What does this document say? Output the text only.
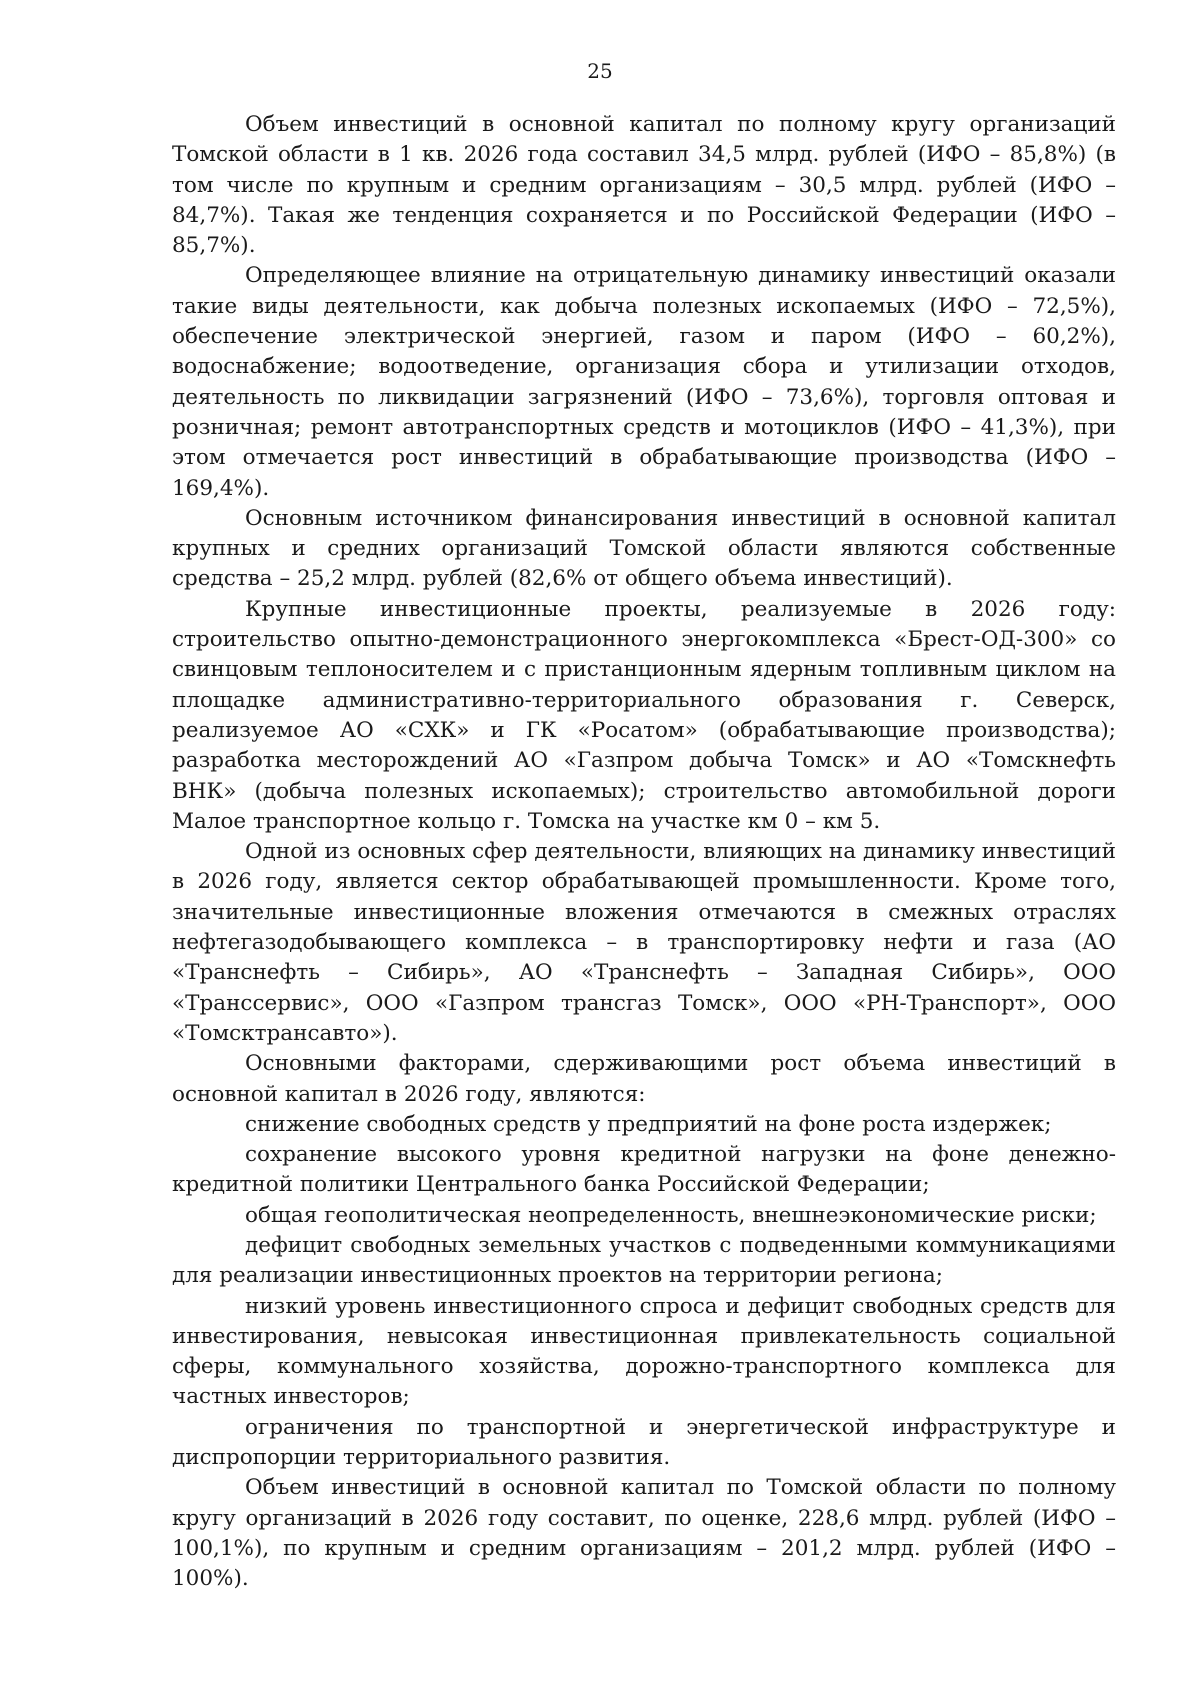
25

Объем инвестиций в основной капитал по полному кругу организаций Томской области в 1 кв. 2026 года составил 34,5 млрд. рублей (ИФО – 85,8%) (в том числе по крупным и средним организациям – 30,5 млрд. рублей (ИФО – 84,7%). Такая же тенденция сохраняется и по Российской Федерации (ИФО – 85,7%).

Определяющее влияние на отрицательную динамику инвестиций оказали такие виды деятельности, как добыча полезных ископаемых (ИФО – 72,5%), обеспечение электрической энергией, газом и паром (ИФО – 60,2%), водоснабжение; водоотведение, организация сбора и утилизации отходов, деятельность по ликвидации загрязнений (ИФО – 73,6%), торговля оптовая и розничная; ремонт автотранспортных средств и мотоциклов (ИФО – 41,3%), при этом отмечается рост инвестиций в обрабатывающие производства (ИФО – 169,4%).

Основным источником финансирования инвестиций в основной капитал крупных и средних организаций Томской области являются собственные средства – 25,2 млрд. рублей (82,6% от общего объема инвестиций).

Крупные инвестиционные проекты, реализуемые в 2026 году: строительство опытно-демонстрационного энергокомплекса «Брест-ОД-300» со свинцовым теплоносителем и с пристанционным ядерным топливным циклом на площадке административно-территориального образования г. Северск, реализуемое АО «СХК» и ГК «Росатом» (обрабатывающие производства); разработка месторождений АО «Газпром добыча Томск» и АО «Томскнефть ВНК» (добыча полезных ископаемых); строительство автомобильной дороги Малое транспортное кольцо г. Томска на участке км 0 – км 5.

Одной из основных сфер деятельности, влияющих на динамику инвестиций в 2026 году, является сектор обрабатывающей промышленности. Кроме того, значительные инвестиционные вложения отмечаются в смежных отраслях нефтегазодобывающего комплекса – в транспортировку нефти и газа (АО «Транснефть – Сибирь», АО «Транснефть – Западная Сибирь», ООО «Транссервис», ООО «Газпром трансгаз Томск», ООО «РН-Транспорт», ООО «Томсктрансавто»).

Основными факторами, сдерживающими рост объема инвестиций в основной капитал в 2026 году, являются:

снижение свободных средств у предприятий на фоне роста издержек;

сохранение высокого уровня кредитной нагрузки на фоне денежно-кредитной политики Центрального банка Российской Федерации;

общая геополитическая неопределенность, внешнеэкономические риски;

дефицит свободных земельных участков с подведенными коммуникациями для реализации инвестиционных проектов на территории региона;

низкий уровень инвестиционного спроса и дефицит свободных средств для инвестирования, невысокая инвестиционная привлекательность социальной сферы, коммунального хозяйства, дорожно-транспортного комплекса для частных инвесторов;

ограничения по транспортной и энергетической инфраструктуре и диспропорции территориального развития.

Объем инвестиций в основной капитал по Томской области по полному кругу организаций в 2026 году составит, по оценке, 228,6 млрд. рублей (ИФО – 100,1%), по крупным и средним организациям – 201,2 млрд. рублей (ИФО – 100%).
